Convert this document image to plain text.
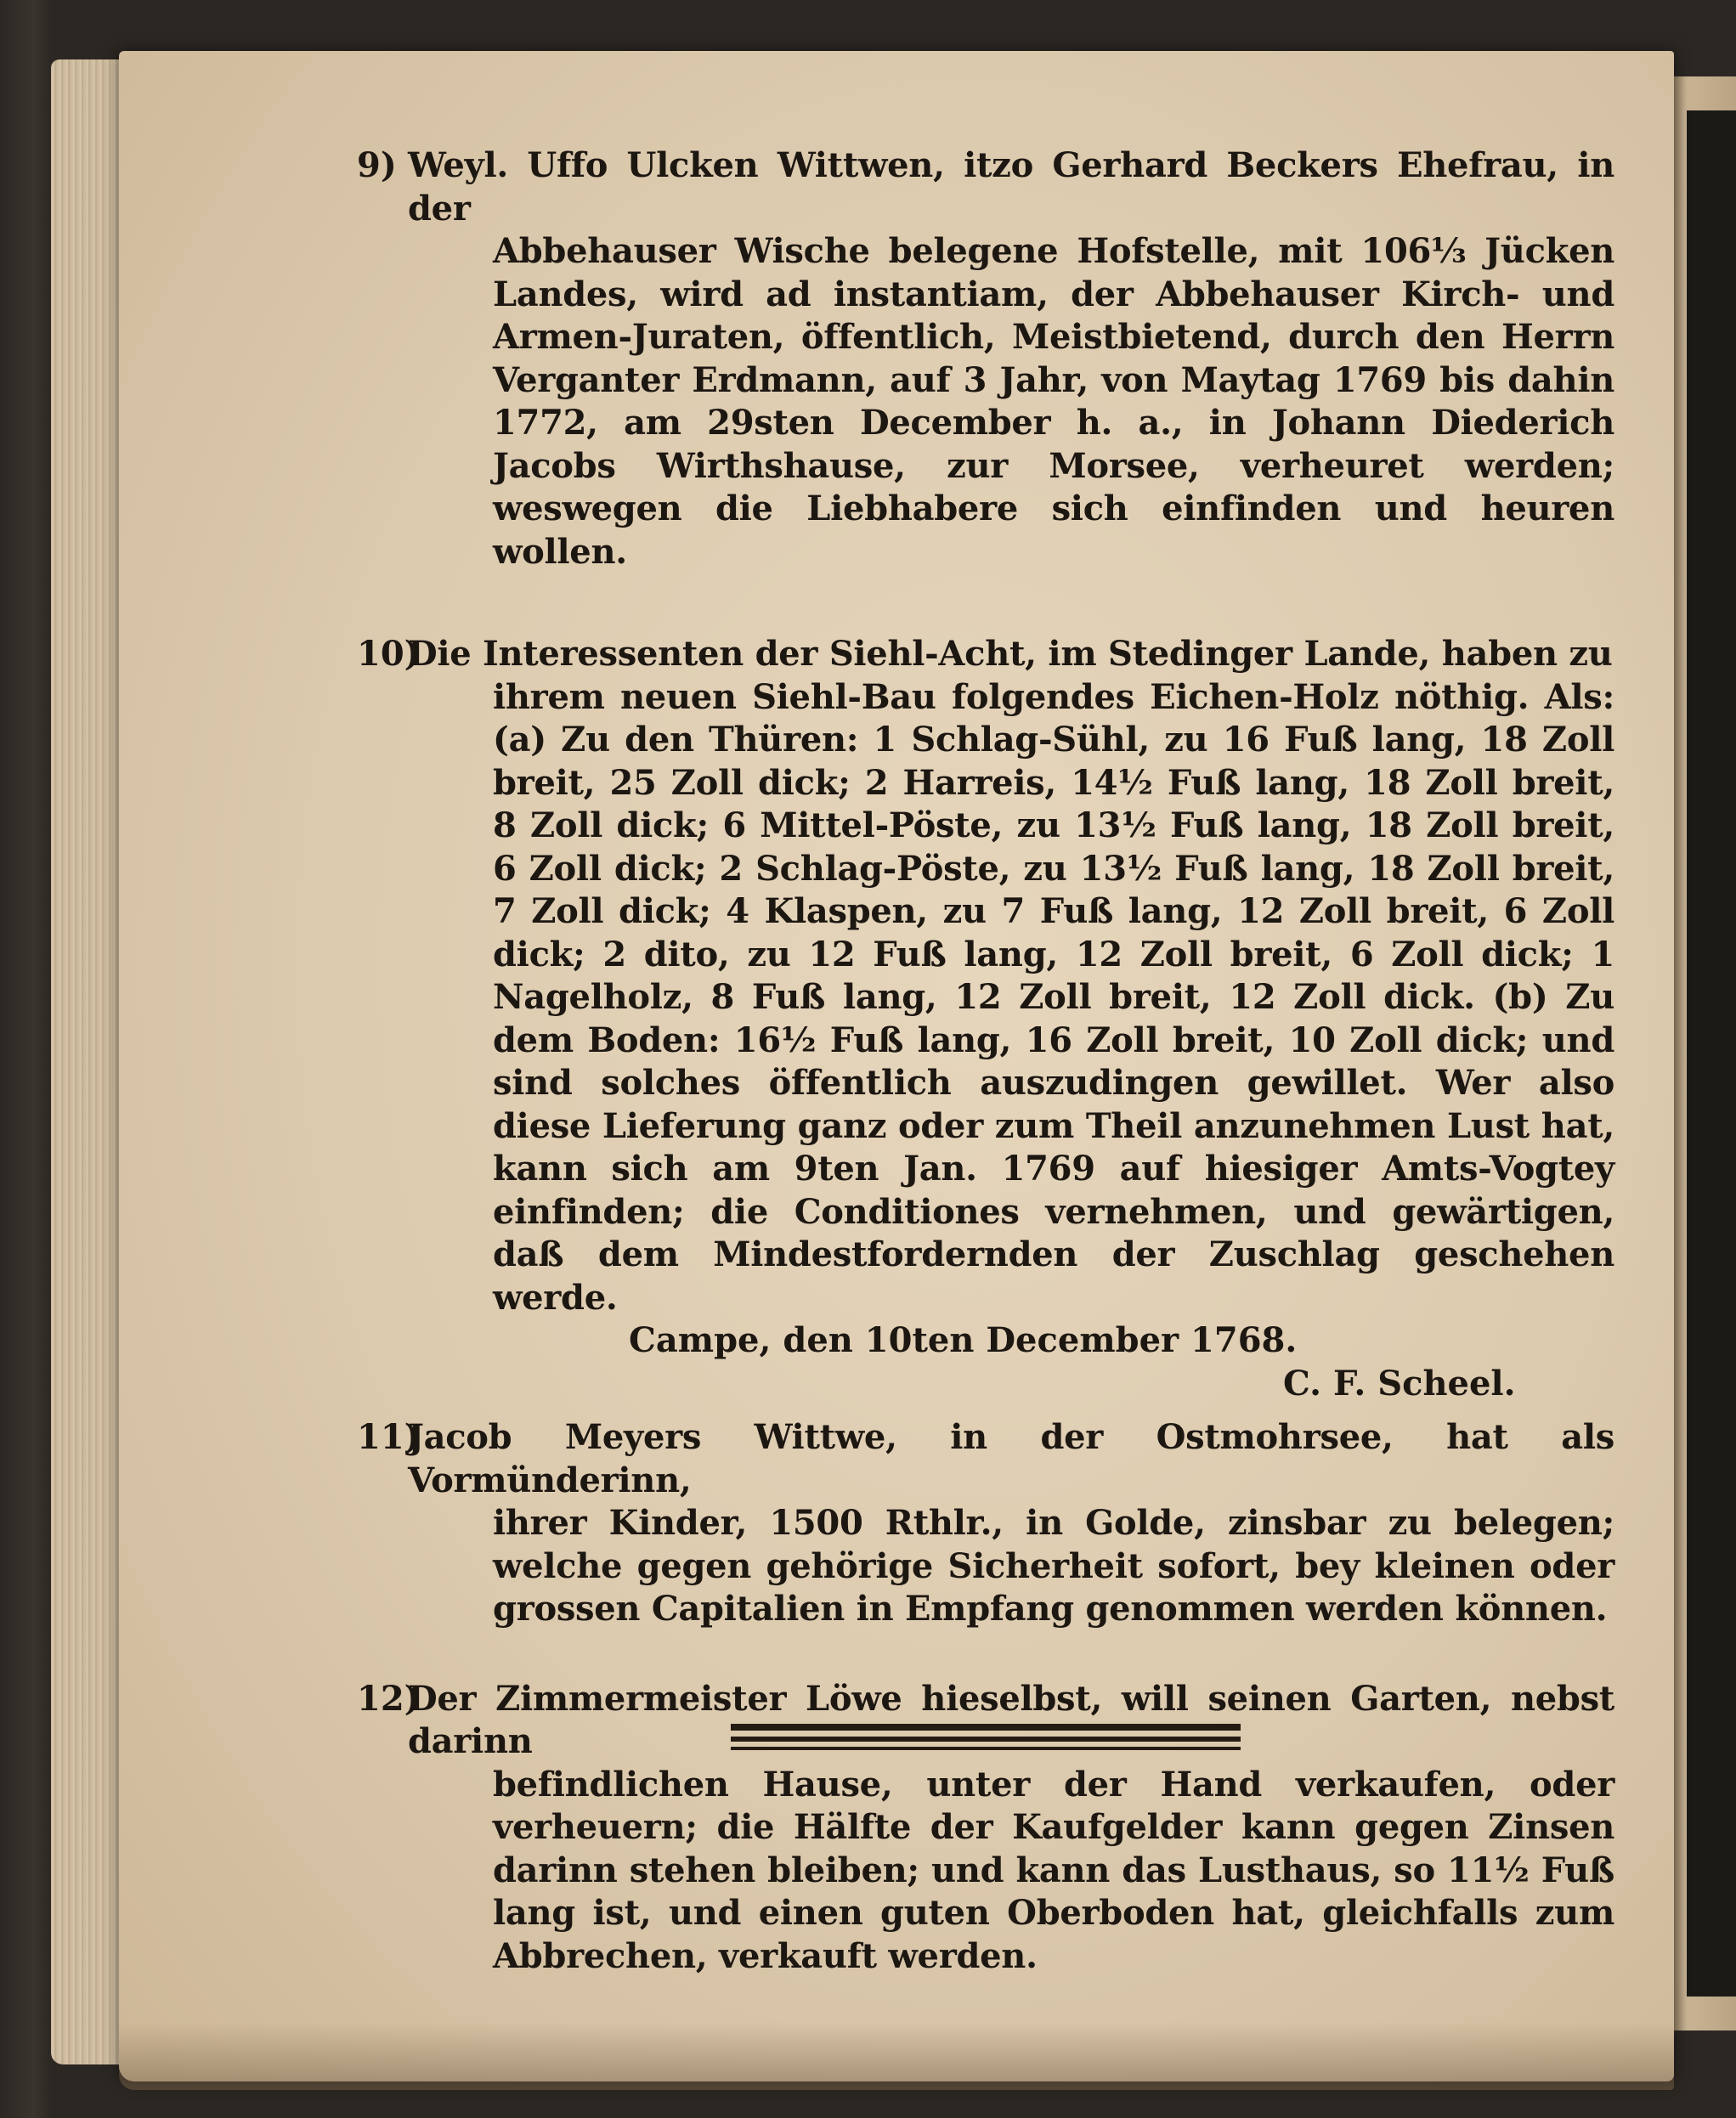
9) Weyl. Uffo Ulcken Wittwen, itzo Gerhard Beckers Ehefrau, in der
Abbehauser Wische belegene Hofstelle, mit 106⅓ Jücken Landes, wird ad instantiam, der Abbehauser Kirch- und Armen-Juraten, öffentlich, Meistbietend, durch den Herrn Verganter Erdmann, auf 3 Jahr, von Maytag 1769 bis dahin 1772, am 29sten December h. a., in Johann Diederich Jacobs Wirthshause, zur Morsee, verheuret werden; weswegen die Liebhabere sich einfinden und heuren wollen.
10)
Die Interessenten der Siehl-Acht, im Stedinger Lande, haben zu
ihrem neuen Siehl-Bau folgendes Eichen-Holz nöthig. Als: (a) Zu den Thüren: 1 Schlag-Sühl, zu 16 Fuß lang, 18 Zoll breit, 25 Zoll dick; 2 Harreis, 14½ Fuß lang, 18 Zoll breit, 8 Zoll dick; 6 Mittel-Pöste, zu 13½ Fuß lang, 18 Zoll breit, 6 Zoll dick; 2 Schlag-Pöste, zu 13½ Fuß lang, 18 Zoll breit, 7 Zoll dick; 4 Klaspen, zu 7 Fuß lang, 12 Zoll breit, 6 Zoll dick; 2 dito, zu 12 Fuß lang, 12 Zoll breit, 6 Zoll dick; 1 Nagelholz, 8 Fuß lang, 12 Zoll breit, 12 Zoll dick. (b) Zu dem Boden: 16½ Fuß lang, 16 Zoll breit, 10 Zoll dick; und sind solches öffentlich auszudingen gewillet. Wer also diese Lieferung ganz oder zum Theil anzunehmen Lust hat, kann sich am 9ten Jan. 1769 auf hiesiger Amts-Vogtey einfinden; die Conditiones vernehmen, und gewärtigen, daß dem Mindestfordernden der Zuschlag geschehen werde.
Campe, den 10ten December 1768.
C. F. Scheel.
11)
Jacob Meyers Wittwe, in der Ostmohrsee, hat als Vormünderinn,
ihrer Kinder, 1500 Rthlr., in Golde, zinsbar zu belegen; welche gegen gehörige Sicherheit sofort, bey kleinen oder grossen Capitalien in Empfang genommen werden können.
12)
Der Zimmermeister Löwe hieselbst, will seinen Garten, nebst darinn
befindlichen Hause, unter der Hand verkaufen, oder verheuern; die Hälfte der Kaufgelder kann gegen Zinsen darinn stehen bleiben; und kann das Lusthaus, so 11½ Fuß lang ist, und einen guten Oberboden hat, gleichfalls zum Abbrechen, verkauft werden.
